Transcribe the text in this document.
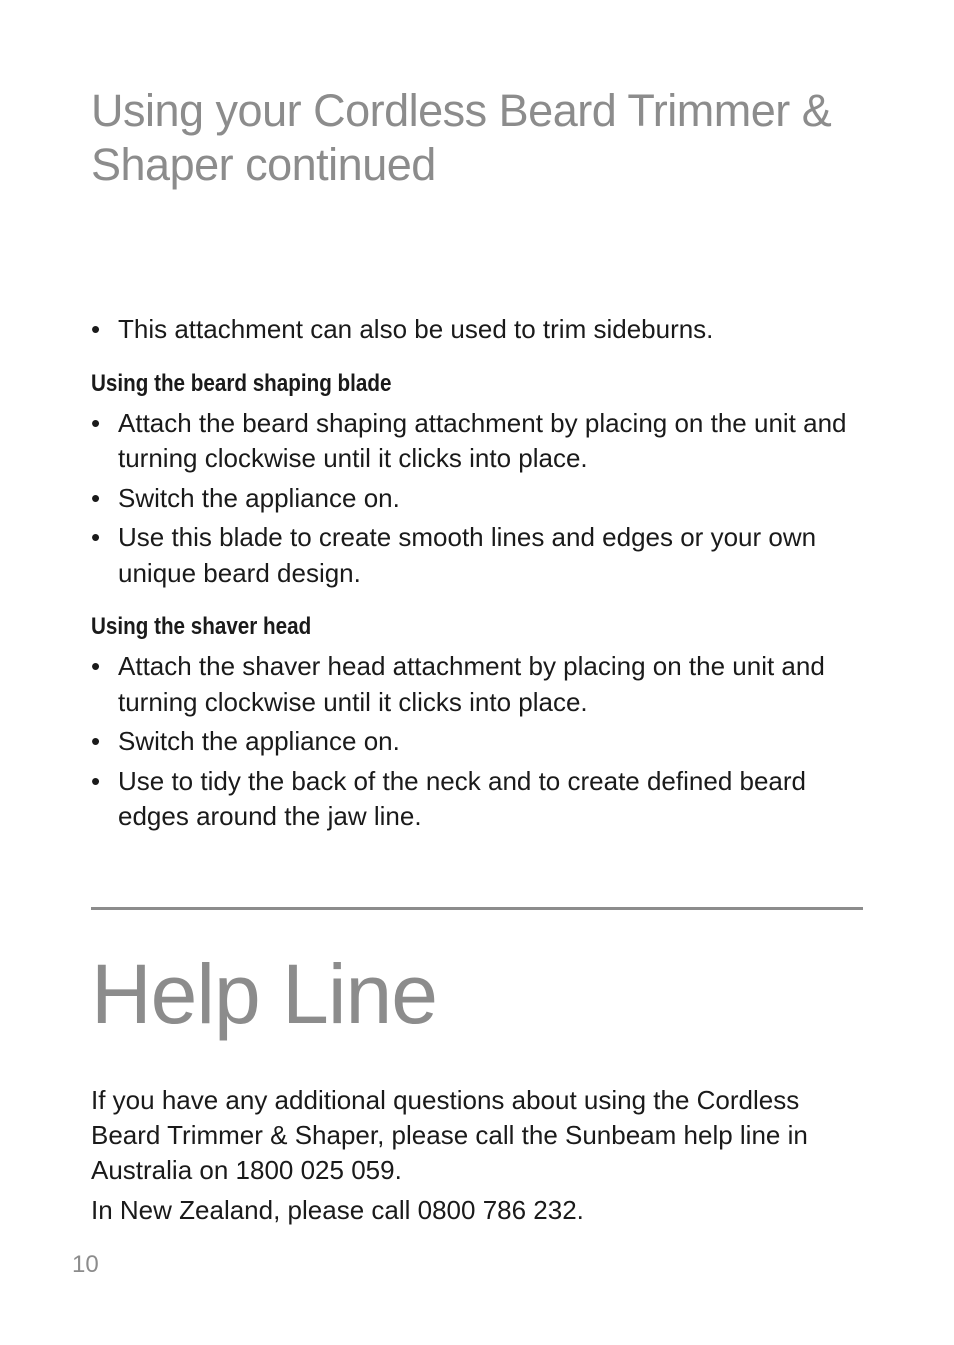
Using your Cordless Beard Trimmer &
Shaper continued
• This attachment can also be used to trim sideburns.
Using the beard shaping blade
• Attach the beard shaping attachment by placing on the unit and turning clockwise until it clicks into place.
• Switch the appliance on.
• Use this blade to create smooth lines and edges or your own unique beard design.
Using the shaver head
• Attach the shaver head attachment by placing on the unit and turning clockwise until it clicks into place.
• Switch the appliance on.
• Use to tidy the back of the neck and to create defined beard edges around the jaw line.
Help Line

If you have any additional questions about using the Cordless Beard Trimmer & Shaper, please call the Sunbeam help line in Australia on 1800 025 059.

In New Zealand, please call 0800 786 232.

10
